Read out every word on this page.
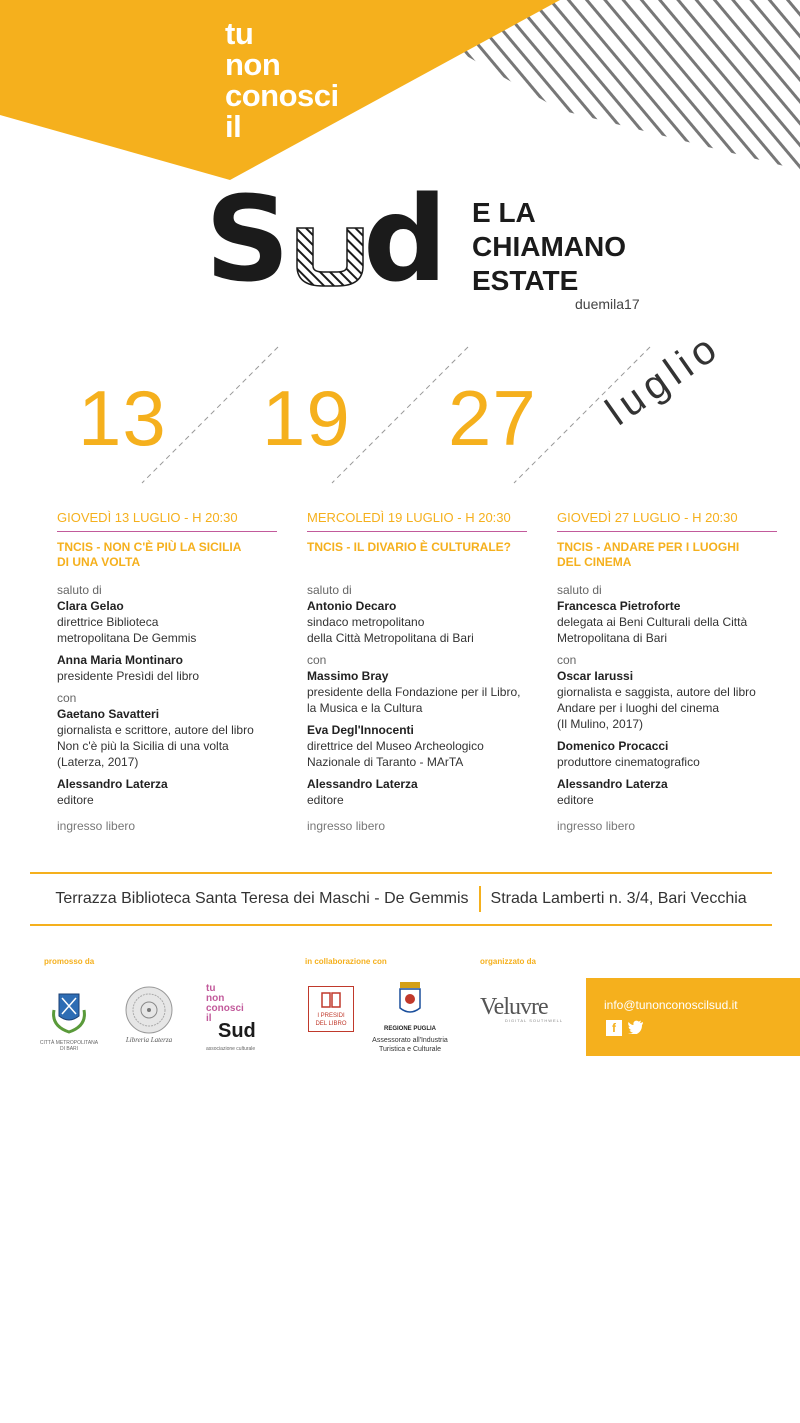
tu
non
conosci
il
S d E LA
CHIAMANO
ESTATE
duemila17
13 19 27 luglio
GIOVEDÌ 13 LUGLIO - H 20:30
TNCIS - NON C'È PIÙ LA SICILIA
DI UNA VOLTA
saluto di
Clara Gelao
direttrice Biblioteca
metropolitana De Gemmis
Anna Maria Montinaro
presidente Presìdi del libro
con
Gaetano Savatteri
giornalista e scrittore, autore del libro
Non c'è più la Sicilia di una volta
(Laterza, 2017)
Alessandro Laterza
editore
ingresso libero
MERCOLEDÌ 19 LUGLIO - H 20:30
TNCIS - IL DIVARIO È CULTURALE?
saluto di
Antonio Decaro
sindaco metropolitano
della Città Metropolitana di Bari
con
Massimo Bray
presidente della Fondazione per il Libro,
la Musica e la Cultura
Eva Degl'Innocenti
direttrice del Museo Archeologico
Nazionale di Taranto - MArTA
Alessandro Laterza
editore
ingresso libero
GIOVEDÌ 27 LUGLIO - H 20:30
TNCIS - ANDARE PER I LUOGHI
DEL CINEMA
saluto di
Francesca Pietroforte
delegata ai Beni Culturali della Città
Metropolitana di Bari
con
Oscar Iarussi
giornalista e saggista, autore del libro
Andare per i luoghi del cinema
(Il Mulino, 2017)
Domenico Procacci
produttore cinematografico
Alessandro Laterza
editore
ingresso libero
Terrazza Biblioteca Santa Teresa dei Maschi - De Gemmis Strada Lamberti n. 3/4, Bari Vecchia
promosso da	in collaborazione con	organizzato da
CITTÀ METROPOLITANA
DI BARI
Libreria Laterza
tu
non
conosci
il
Sud
associazione culturale
I PRESIDI
DEL LIBRO
REGIONE PUGLIA
Assessorato all'Industria
Turistica e Culturale
Veluvre
DIGITAL SOUTHWELL
info@tunonconoscilsud.it
f
